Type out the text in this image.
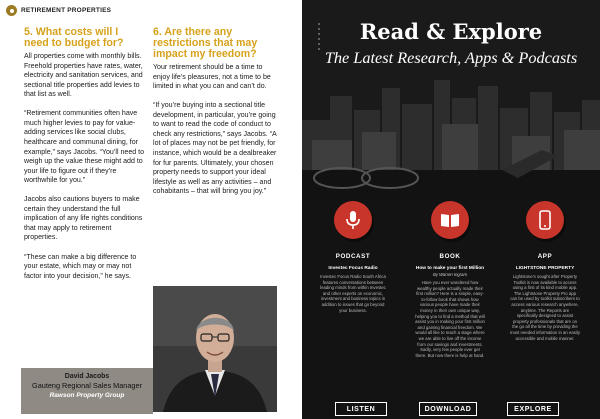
RETIREMENT PROPERTIES
5. What costs will I need to budget for?

All properties come with monthly bills. Freehold properties have rates, water, electricity and sanitation services, and sectional title properties add levies to that list as well.

“Retirement communities often have much higher levies to pay for value-adding services like social clubs, healthcare and communal dining, for example,” says Jacobs. “You’ll need to weigh up the value these might add to your life to figure out if they’re worthwhile for you.”

Jacobs also cautions buyers to make certain they understand the full implication of any life rights conditions that may apply to retirement properties.

“These can make a big difference to your estate, which may or may not factor into your decision,” he says.

6. Are there any restrictions that may impact my freedom?

Your retirement should be a time to enjoy life’s pleasures, not a time to be limited in what you can and can’t do.

“If you’re buying into a sectional title development, in particular, you’re going to want to read the code of conduct to check any restrictions,” says Jacobs. “A lot of places may not be pet friendly, for instance, which would be a dealbreaker for fur parents. Ultimately, your chosen property needs to support your ideal lifestyle as well as any activities – and cohabitants – that will bring you joy.”

David Jacobs
Gauteng Regional Sales Manager
Rawson Property Group
Read & Explore
The Latest Research, Apps & Podcasts
PODCAST
Investec Focus Radio
Investec Focus Radio South Africa features conversations between leading minds from within Investec and other experts on economic, investment and business topics in addition to issues that go beyond your business.
BOOK
How to make your first Million
By Warren Ingram
Have you ever wondered how wealthy people actually made their first million? Here is a simple, easy-to-follow book that shows how various people have made their money in their own unique way, helping you to find a method that will assist you in making your first million and gaining financial freedom. We would all like to reach a stage where we are able to live off the income from our savings and investments. Sadly, very few people ever get there. But now there is help at hand.
APP
LIGHTSTONE PROPERTY
Lightstone’s sought after Property Toolkit is now available to access using a first of its kind mobile app. The Lightstone Property Pro app can be used by toolkit subscribers to access various research anywhere, anytime. The Reports are specifically designed to assist property professionals that are on the go all the time by providing the most needed information in an easily accessible and mobile manner.
LISTEN	DOWNLOAD	EXPLORE
